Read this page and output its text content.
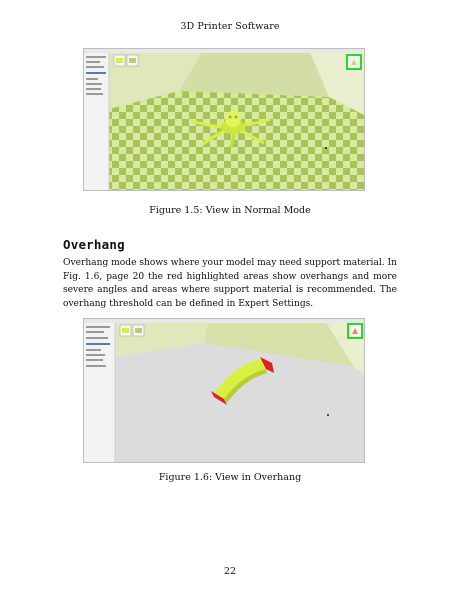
3D Printer Software
Figure 1.5: View in Normal Mode
Overhang
Overhang mode shows where your model may need support material. In Fig. 1.6, page 20 the red highlighted areas show overhangs and more severe angles and areas where support material is recommended. The overhang threshold can be defined in Expert Settings.
Figure 1.6: View in Overhang
22
